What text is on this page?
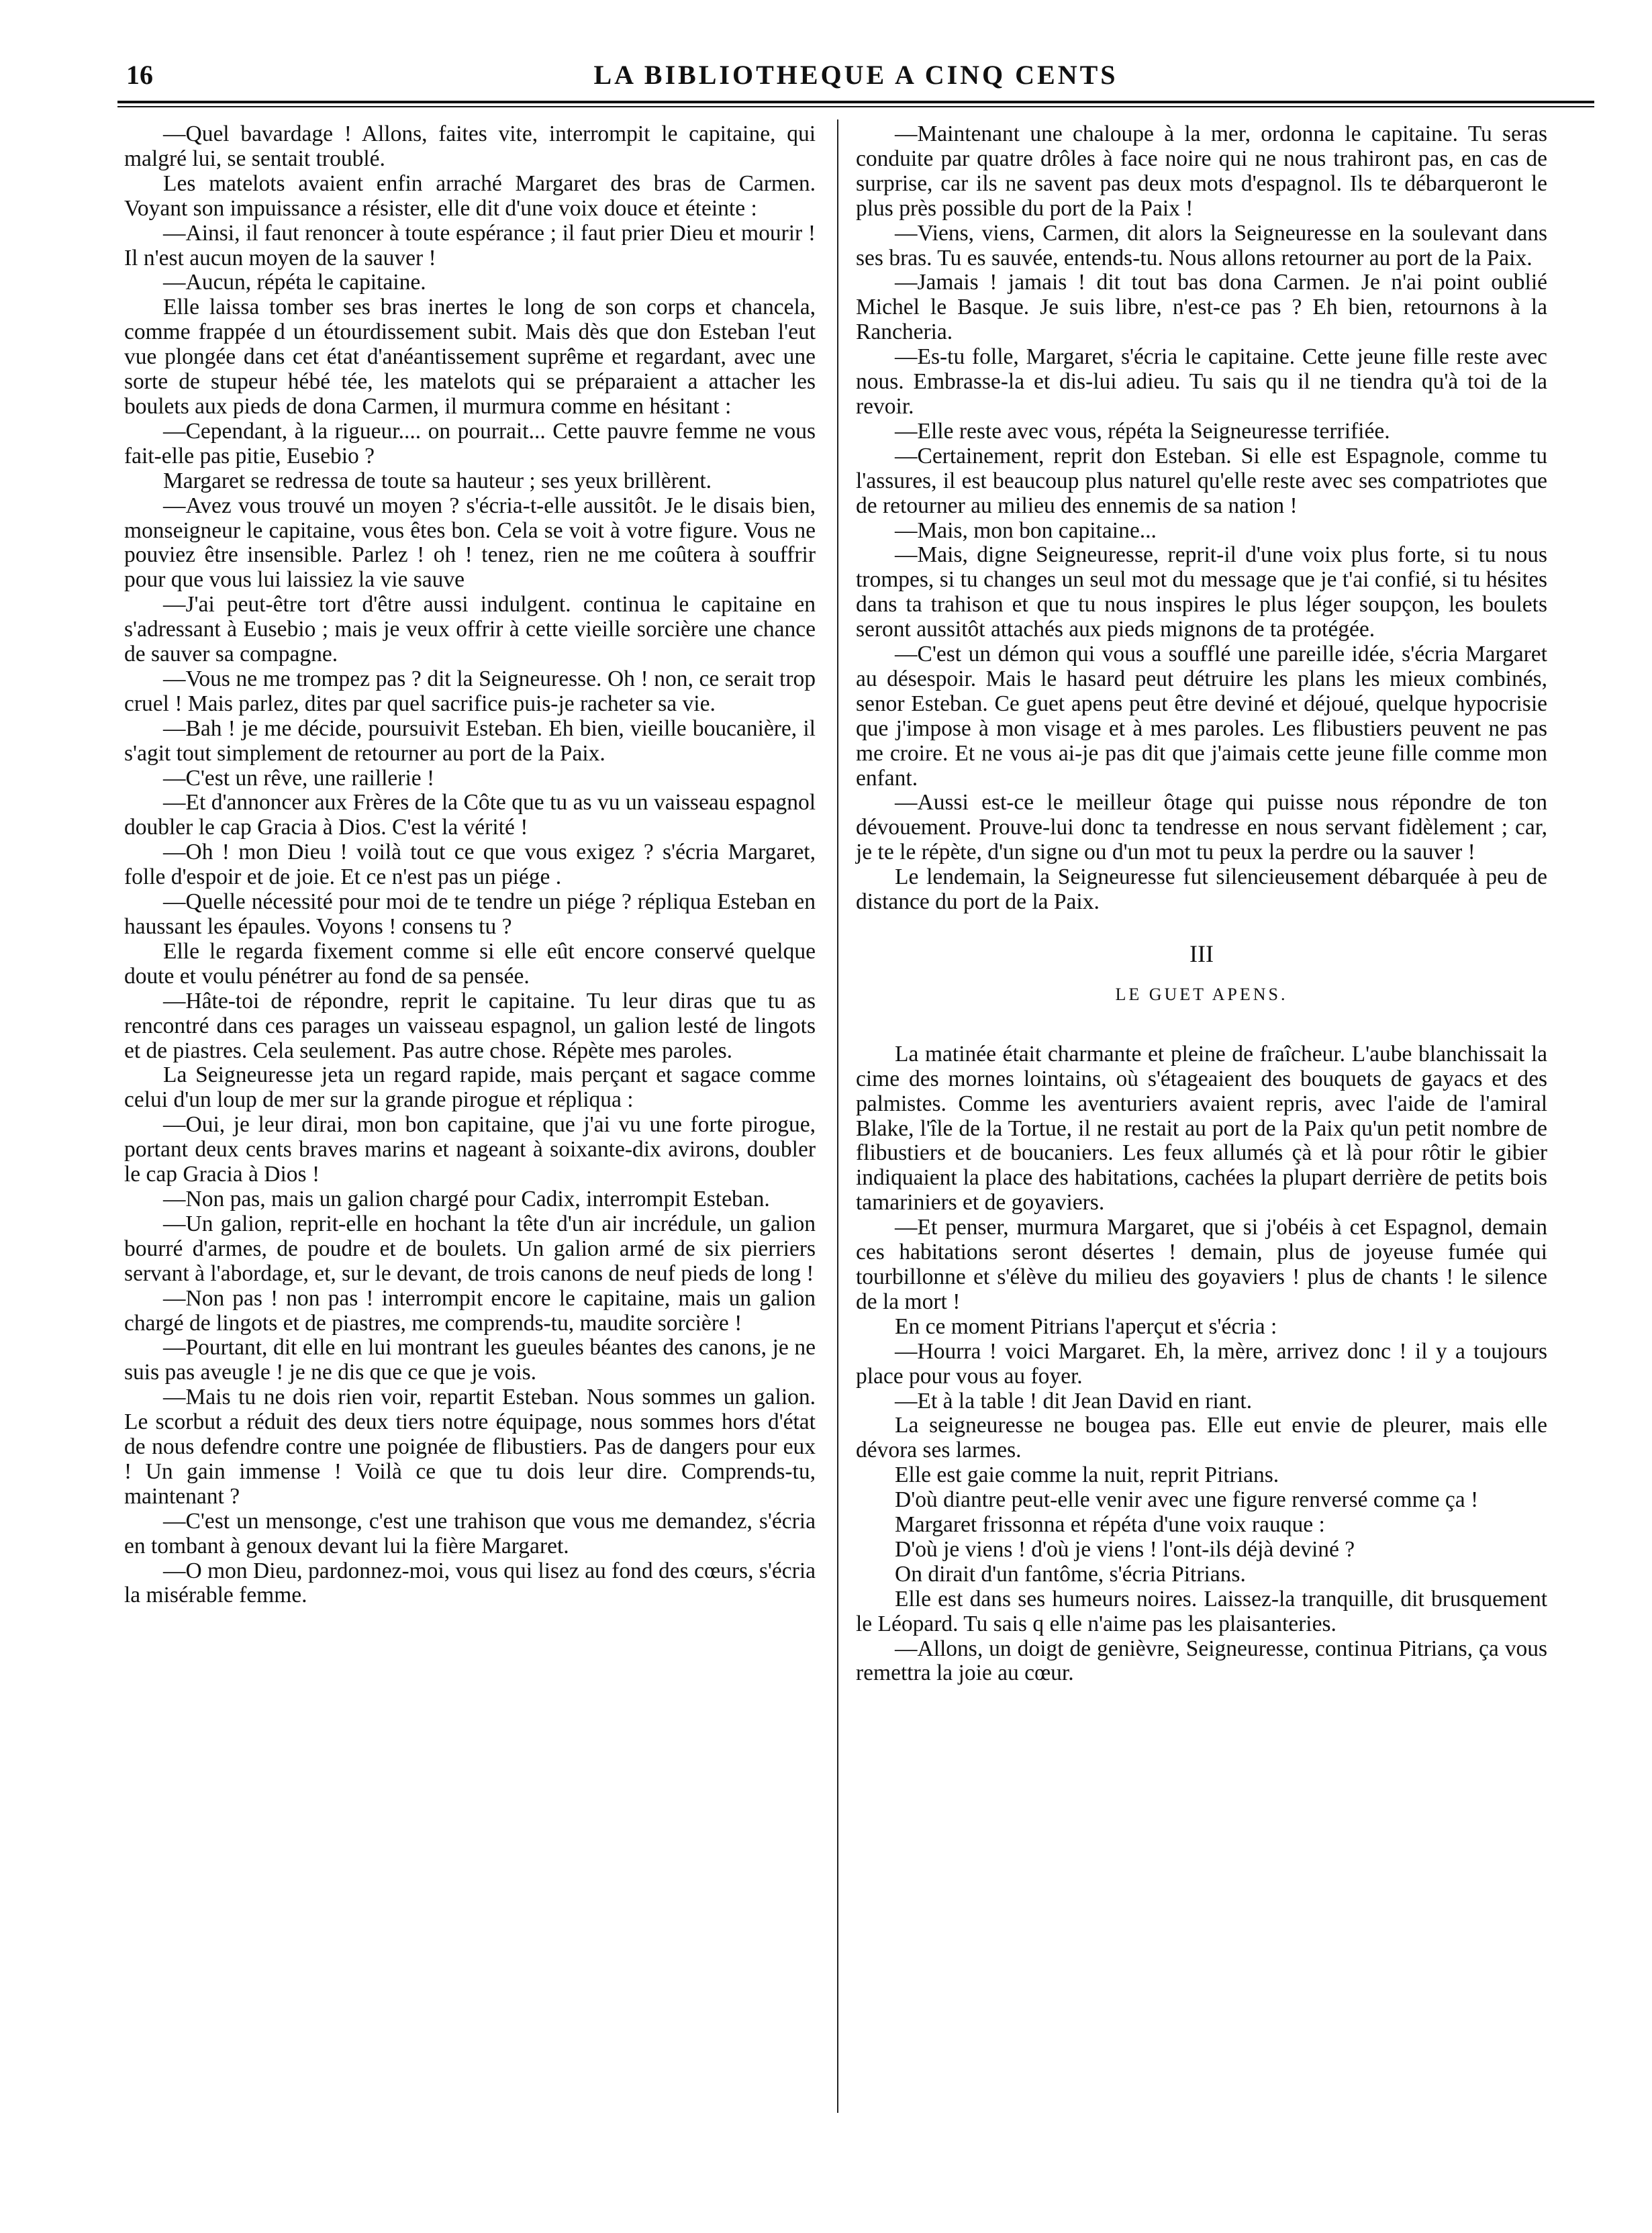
16	LA BIBLIOTHEQUE A CINQ CENTS

—Quel bavardage ! Allons, faites vite, interrompit le capitaine, qui malgré lui, se sentait troublé.

Les matelots avaient enfin arraché Margaret des bras de Carmen. Voyant son impuissance a résister, elle dit d'une voix douce et éteinte :

—Ainsi, il faut renoncer à toute espérance ; il faut prier Dieu et mourir ! Il n'est aucun moyen de la sauver !

—Aucun, répéta le capitaine.

Elle laissa tomber ses bras inertes le long de son corps et chancela, comme frappée d un étourdissement subit. Mais dès que don Esteban l'eut vue plongée dans cet état d'anéantissement suprême et regardant, avec une sorte de stupeur hébé tée, les matelots qui se préparaient a attacher les boulets aux pieds de dona Carmen, il murmura comme en hésitant :

—Cependant, à la rigueur.... on pourrait... Cette pauvre femme ne vous fait-elle pas pitie, Eusebio ?

Margaret se redressa de toute sa hauteur ; ses yeux brillèrent.

—Avez vous trouvé un moyen ? s'écria-t-elle aussitôt. Je le disais bien, monseigneur le capitaine, vous êtes bon. Cela se voit à votre figure. Vous ne pouviez être insensible. Parlez ! oh ! tenez, rien ne me coûtera à souffrir pour que vous lui laissiez la vie sauve

—J'ai peut-être tort d'être aussi indulgent. continua le capitaine en s'adressant à Eusebio ; mais je veux offrir à cette vieille sorcière une chance de sauver sa compagne.

—Vous ne me trompez pas ? dit la Seigneuresse. Oh ! non, ce serait trop cruel ! Mais parlez, dites par quel sacrifice puis-je racheter sa vie.

—Bah ! je me décide, poursuivit Esteban. Eh bien, vieille boucanière, il s'agit tout simplement de retourner au port de la Paix.

—C'est un rêve, une raillerie !

—Et d'annoncer aux Frères de la Côte que tu as vu un vaisseau espagnol doubler le cap Gracia à Dios. C'est la vérité !

—Oh ! mon Dieu ! voilà tout ce que vous exigez ? s'écria Margaret, folle d'espoir et de joie. Et ce n'est pas un piége .

—Quelle nécessité pour moi de te tendre un piége ? répliqua Esteban en haussant les épaules. Voyons ! consens tu ?

Elle le regarda fixement comme si elle eût encore conservé quelque doute et voulu pénétrer au fond de sa pensée.

—Hâte-toi de répondre, reprit le capitaine. Tu leur diras que tu as rencontré dans ces parages un vaisseau espagnol, un galion lesté de lingots et de piastres. Cela seulement. Pas autre chose. Répète mes paroles.

La Seigneuresse jeta un regard rapide, mais perçant et sagace comme celui d'un loup de mer sur la grande pirogue et répliqua :

—Oui, je leur dirai, mon bon capitaine, que j'ai vu une forte pirogue, portant deux cents braves marins et nageant à soixante-dix avirons, doubler le cap Gracia à Dios !

—Non pas, mais un galion chargé pour Cadix, interrompit Esteban.

—Un galion, reprit-elle en hochant la tête d'un air incrédule, un galion bourré d'armes, de poudre et de boulets. Un galion armé de six pierriers servant à l'abordage, et, sur le devant, de trois canons de neuf pieds de long !

—Non pas ! non pas ! interrompit encore le capitaine, mais un galion chargé de lingots et de piastres, me comprends-tu, maudite sorcière !

—Pourtant, dit elle en lui montrant les gueules béantes des canons, je ne suis pas aveugle ! je ne dis que ce que je vois.

—Mais tu ne dois rien voir, repartit Esteban. Nous sommes un galion. Le scorbut a réduit des deux tiers notre équipage, nous sommes hors d'état de nous defendre contre une poignée de flibustiers. Pas de dangers pour eux ! Un gain immense ! Voilà ce que tu dois leur dire. Comprends-tu, maintenant ?

—C'est un mensonge, c'est une trahison que vous me demandez, s'écria en tombant à genoux devant lui la fière Margaret.

—O mon Dieu, pardonnez-moi, vous qui lisez au fond des cœurs, s'écria la misérable femme.

—Maintenant une chaloupe à la mer, ordonna le capitaine. Tu seras conduite par quatre drôles à face noire qui ne nous trahiront pas, en cas de surprise, car ils ne savent pas deux mots d'espagnol. Ils te débarqueront le plus près possible du port de la Paix !

—Viens, viens, Carmen, dit alors la Seigneuresse en la soulevant dans ses bras. Tu es sauvée, entends-tu. Nous allons retourner au port de la Paix.

—Jamais ! jamais ! dit tout bas dona Carmen. Je n'ai point oublié Michel le Basque. Je suis libre, n'est-ce pas ? Eh bien, retournons à la Rancheria.

—Es-tu folle, Margaret, s'écria le capitaine. Cette jeune fille reste avec nous. Embrasse-la et dis-lui adieu. Tu sais qu il ne tiendra qu'à toi de la revoir.

—Elle reste avec vous, répéta la Seigneuresse terrifiée.

—Certainement, reprit don Esteban. Si elle est Espagnole, comme tu l'assures, il est beaucoup plus naturel qu'elle reste avec ses compatriotes que de retourner au milieu des ennemis de sa nation !

—Mais, mon bon capitaine...

—Mais, digne Seigneuresse, reprit-il d'une voix plus forte, si tu nous trompes, si tu changes un seul mot du message que je t'ai confié, si tu hésites dans ta trahison et que tu nous inspires le plus léger soupçon, les boulets seront aussitôt attachés aux pieds mignons de ta protégée.

—C'est un démon qui vous a soufflé une pareille idée, s'écria Margaret au désespoir. Mais le hasard peut détruire les plans les mieux combinés, senor Esteban. Ce guet apens peut être deviné et déjoué, quelque hypocrisie que j'impose à mon visage et à mes paroles. Les flibustiers peuvent ne pas me croire. Et ne vous ai-je pas dit que j'aimais cette jeune fille comme mon enfant.

—Aussi est-ce le meilleur ôtage qui puisse nous répondre de ton dévouement. Prouve-lui donc ta tendresse en nous servant fidèlement ; car, je te le répète, d'un signe ou d'un mot tu peux la perdre ou la sauver !

Le lendemain, la Seigneuresse fut silencieusement débarquée à peu de distance du port de la Paix.

III
LE GUET APENS.

La matinée était charmante et pleine de fraîcheur. L'aube blanchissait la cime des mornes lointains, où s'étageaient des bouquets de gayacs et des palmistes. Comme les aventuriers avaient repris, avec l'aide de l'amiral Blake, l'île de la Tortue, il ne restait au port de la Paix qu'un petit nombre de flibustiers et de boucaniers. Les feux allumés çà et là pour rôtir le gibier indiquaient la place des habitations, cachées la plupart derrière de petits bois tamariniers et de goyaviers.

—Et penser, murmura Margaret, que si j'obéis à cet Espagnol, demain ces habitations seront désertes ! demain, plus de joyeuse fumée qui tourbillonne et s'élève du milieu des goyaviers ! plus de chants ! le silence de la mort !

En ce moment Pitrians l'aperçut et s'écria :

—Hourra ! voici Margaret. Eh, la mère, arrivez donc ! il y a toujours place pour vous au foyer.

—Et à la table ! dit Jean David en riant.

La seigneuresse ne bougea pas. Elle eut envie de pleurer, mais elle dévora ses larmes.

Elle est gaie comme la nuit, reprit Pitrians.

D'où diantre peut-elle venir avec une figure renversé comme ça !

Margaret frissonna et répéta d'une voix rauque :

D'où je viens ! d'où je viens ! l'ont-ils déjà deviné ?

On dirait d'un fantôme, s'écria Pitrians.

Elle est dans ses humeurs noires. Laissez-la tranquille, dit brusquement le Léopard. Tu sais q elle n'aime pas les plaisanteries.

—Allons, un doigt de genièvre, Seigneuresse, continua Pitrians, ça vous remettra la joie au cœur.
